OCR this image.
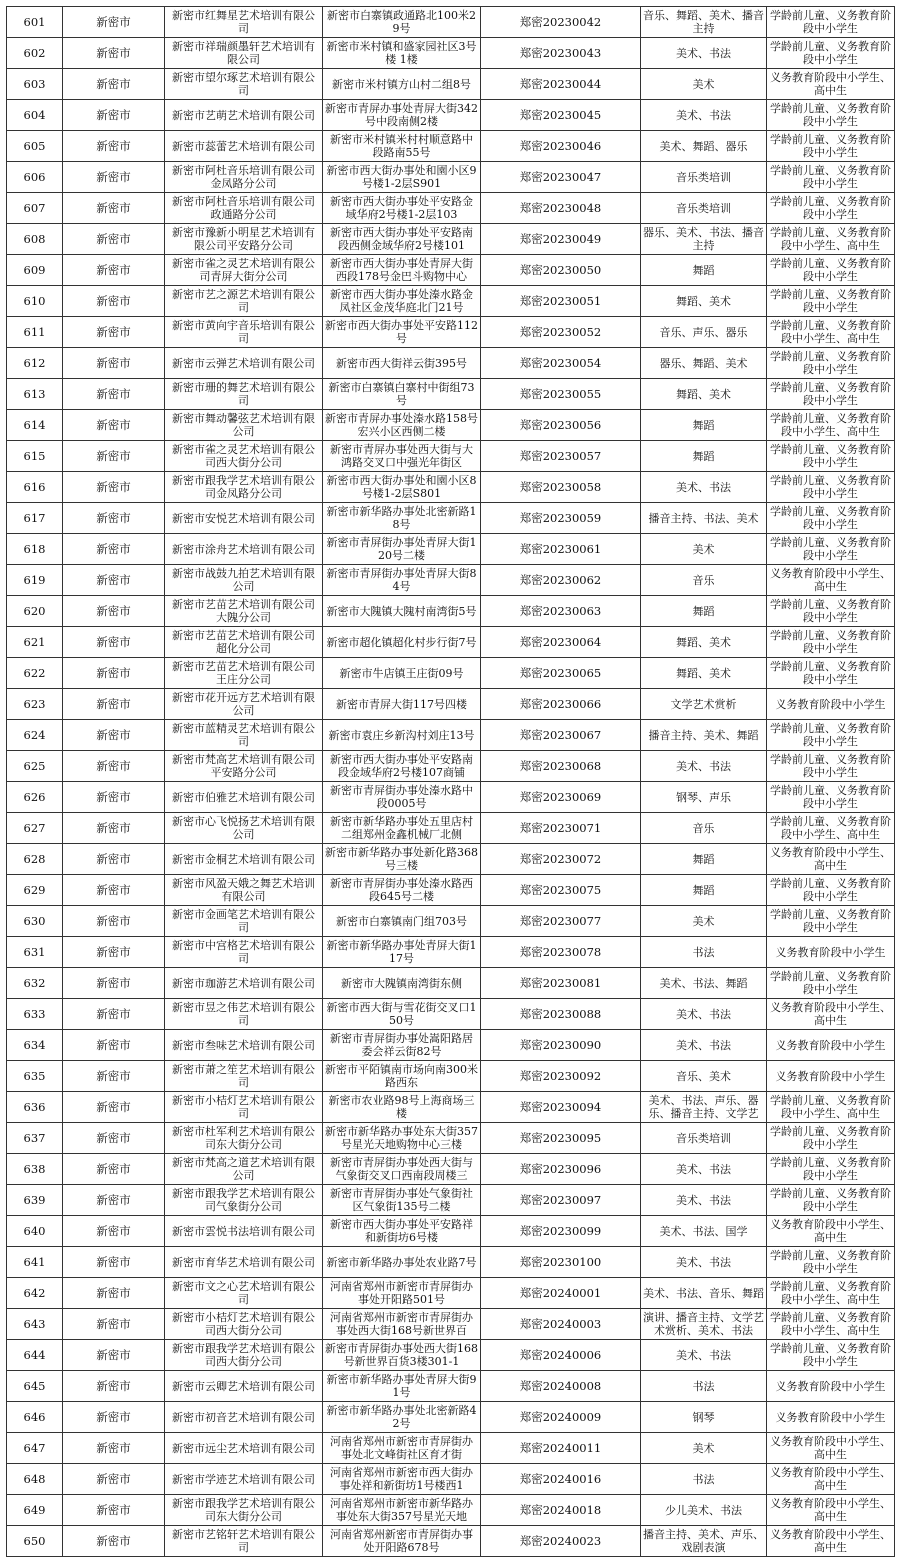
601	新密市	新密市红舞星艺术培训有限公司	新密市白寨镇政通路北100米29号	郑密20230042	音乐、舞蹈、美术、播音主持	学龄前儿童、义务教育阶段中小学生
602	新密市	新密市祥瑞颜墨轩艺术培训有限公司	新密市米村镇和盛家园社区3号楼 1楼	郑密20230043	美术、书法	学龄前儿童、义务教育阶段中小学生
603	新密市	新密市望尔琢艺术培训有限公司	新密市米村镇方山村二组8号	郑密20230044	美术	义务教育阶段中小学生、高中生
604	新密市	新密市艺萌艺术培训有限公司	新密市青屏办事处青屏大街342号中段南侧2楼	郑密20230045	美术、书法	学龄前儿童、义务教育阶段中小学生
605	新密市	新密市蕊蕾艺术培训有限公司	新密市米村镇米村村顺意路中段路南55号	郑密20230046	美术、舞蹈、器乐	学龄前儿童、义务教育阶段中小学生
606	新密市	新密市阿杜音乐培训有限公司金凤路分公司	新密市西大街办事处和園小区9号楼1-2层S901	郑密20230047	音乐类培训	学龄前儿童、义务教育阶段中小学生
607	新密市	新密市阿杜音乐培训有限公司政通路分公司	新密市西大街办事处平安路金域华府2号楼1-2层103	郑密20230048	音乐类培训	学龄前儿童、义务教育阶段中小学生
608	新密市	新密市豫新小明星艺术培训有限公司平安路分公司	新密市西大街办事处平安路南段西侧金域华府2号楼101	郑密20230049	器乐、美术、书法、播音主持	学龄前儿童、义务教育阶段中小学生、高中生
609	新密市	新密市雀之灵艺术培训有限公司青屏大街分公司	新密市西大街办事处青屏大街西段178号金巴斗购物中心	郑密20230050	舞蹈	学龄前儿童、义务教育阶段中小学生
610	新密市	新密市艺之源艺术培训有限公司	新密市西大街办事处溱水路金凤社区金茂华庭北门21号	郑密20230051	舞蹈、美术	学龄前儿童、义务教育阶段中小学生
611	新密市	新密市黄向宇音乐培训有限公司	新密市西大街办事处平安路112号	郑密20230052	音乐、声乐、器乐	学龄前儿童、义务教育阶段中小学生、高中生
612	新密市	新密市云弹艺术培训有限公司	新密市西大街祥云街395号	郑密20230054	器乐、舞蹈、美术	学龄前儿童、义务教育阶段中小学生
613	新密市	新密市珊的舞艺术培训有限公司	新密市白寨镇白寨村中街组73号	郑密20230055	舞蹈、美术	学龄前儿童、义务教育阶段中小学生
614	新密市	新密市舞动馨弦艺术培训有限公司	新密市青屏办事处溱水路158号宏兴小区西侧二楼	郑密20230056	舞蹈	学龄前儿童、义务教育阶段中小学生、高中生
615	新密市	新密市雀之灵艺术培训有限公司西大街分公司	新密市青屏办事处西大街与大鸿路交叉口中强光年街区	郑密20230057	舞蹈	学龄前儿童、义务教育阶段中小学生
616	新密市	新密市跟我学艺术培训有限公司金凤路分公司	新密市西大街办事处和園小区8号楼1-2层S801	郑密20230058	美术、书法	学龄前儿童、义务教育阶段中小学生
617	新密市	新密市安悦艺术培训有限公司	新密市新华路办事处北密新路18号	郑密20230059	播音主持、书法、美术	学龄前儿童、义务教育阶段中小学生
618	新密市	新密市涂舟艺术培训有限公司	新密市青屏街办事处青屏大街120号二楼	郑密20230061	美术	学龄前儿童、义务教育阶段中小学生
619	新密市	新密市战鼓九拍艺术培训有限公司	新密市青屏街办事处青屏大街84号	郑密20230062	音乐	义务教育阶段中小学生、高中生
620	新密市	新密市艺苗艺术培训有限公司大隗分公司	新密市大隗镇大隗村南湾街5号	郑密20230063	舞蹈	学龄前儿童、义务教育阶段中小学生
621	新密市	新密市艺苗艺术培训有限公司超化分公司	新密市超化镇超化村步行街7号	郑密20230064	舞蹈、美术	学龄前儿童、义务教育阶段中小学生
622	新密市	新密市艺苗艺术培训有限公司王庄分公司	新密市牛店镇王庄街09号	郑密20230065	舞蹈、美术	学龄前儿童、义务教育阶段中小学生
623	新密市	新密市花开远方艺术培训有限公司	新密市青屏大街117号四楼	郑密20230066	文学艺术赏析	义务教育阶段中小学生
624	新密市	新密市蓝精灵艺术培训有限公司	新密市袁庄乡新沟村刘庄13号	郑密20230067	播音主持、美术、舞蹈	学龄前儿童、义务教育阶段中小学生
625	新密市	新密市梵高艺术培训有限公司平安路分公司	新密市西大街办事处平安路南段金域华府2号楼107商铺	郑密20230068	美术、书法	学龄前儿童、义务教育阶段中小学生
626	新密市	新密市伯雅艺术培训有限公司	新密市青屏街办事处溱水路中段0005号	郑密20230069	钢琴、声乐	学龄前儿童、义务教育阶段中小学生
627	新密市	新密市心飞悦扬艺术培训有限公司	新密市新华路办事处五里店村二组郑州金鑫机械厂北侧	郑密20230071	音乐	学龄前儿童、义务教育阶段中小学生、高中生
628	新密市	新密市金桐艺术培训有限公司	新密市新华路办事处新化路368号三楼	郑密20230072	舞蹈	义务教育阶段中小学生、高中生
629	新密市	新密市风盈天娥之舞艺术培训有限公司	新密市青屏街办事处溱水路西段645号二楼	郑密20230075	舞蹈	学龄前儿童、义务教育阶段中小学生
630	新密市	新密市金画笔艺术培训有限公司	新密市白寨镇南门组703号	郑密20230077	美术	学龄前儿童、义务教育阶段中小学生
631	新密市	新密市中宫格艺术培训有限公司	新密市新华路办事处青屏大街117号	郑密20230078	书法	义务教育阶段中小学生
632	新密市	新密市珈游艺术培训有限公司	新密市大隗镇南湾街东侧	郑密20230081	美术、书法、舞蹈	学龄前儿童、义务教育阶段中小学生
633	新密市	新密市昱之伟艺术培训有限公司	新密市西大街与雪花街交叉口150号	郑密20230088	美术、书法	义务教育阶段中小学生、高中生
634	新密市	新密市叁味艺术培训有限公司	新密市青屏街办事处嵩阳路居委会祥云街82号	郑密20230090	美术、书法	义务教育阶段中小学生
635	新密市	新密市萧之笙艺术培训有限公司	新密市平陌镇南市场向南300米路西东	郑密20230092	音乐、美术	义务教育阶段中小学生
636	新密市	新密市小桔灯艺术培训有限公司	新密市农业路98号上海商场三楼	郑密20230094	美术、书法、声乐、器乐、播音主持、文学艺	学龄前儿童、义务教育阶段中小学生、高中生
637	新密市	新密市杜军利艺术培训有限公司东大街分公司	新密市新华路办事处东大街357号星光天地购物中心三楼	郑密20230095	音乐类培训	学龄前儿童、义务教育阶段中小学生
638	新密市	新密市梵高之道艺术培训有限公司	新密市青屏街办事处西大街与气象街交叉口西南段周楼三	郑密20230096	美术、书法	学龄前儿童、义务教育阶段中小学生
639	新密市	新密市跟我学艺术培训有限公司气象街分公司	新密市青屏街办事处气象街社区气象街135号二楼	郑密20230097	美术、书法	学龄前儿童、义务教育阶段中小学生
640	新密市	新密市雲悦书法培训有限公司	新密市西大街办事处平安路祥和新街坊6号楼	郑密20230099	美术、书法、国学	义务教育阶段中小学生、高中生
641	新密市	新密市育华艺术培训有限公司	新密市新华路办事处农业路7号	郑密20230100	美术、书法	学龄前儿童、义务教育阶段中小学生
642	新密市	新密市文之心艺术培训有限公司	河南省郑州市新密市青屏街办事处开阳路501号	郑密20240001	美术、书法、音乐、舞蹈	学龄前儿童、义务教育阶段中小学生、高中生
643	新密市	新密市小桔灯艺术培训有限公司西大街分公司	河南省郑州市新密市青屏街办事处西大街168号新世界百	郑密20240003	演讲、播音主持、文学艺术赏析、美术、书法	学龄前儿童、义务教育阶段中小学生、高中生
644	新密市	新密市跟我学艺术培训有限公司西大街分公司	新密市青屏街办事处西大街168号新世界百货3楼301-1	郑密20240006	美术、书法	学龄前儿童、义务教育阶段中小学生
645	新密市	新密市云卿艺术培训有限公司	新密市新华路办事处青屏大街91号	郑密20240008	书法	义务教育阶段中小学生
646	新密市	新密市初音艺术培训有限公司	新密市新华路办事处北密新路42号	郑密20240009	钢琴	义务教育阶段中小学生
647	新密市	新密市远尘艺术培训有限公司	河南省郑州市新密市青屏街办事处北文峰街社区育才街	郑密20240011	美术	义务教育阶段中小学生、高中生
648	新密市	新密市学迹艺术培训有限公司	河南省郑州市新密市西大街办事处祥和新街坊1号楼西1	郑密20240016	书法	义务教育阶段中小学生、高中生
649	新密市	新密市跟我学艺术培训有限公司东大街分公司	河南省郑州市新密市新华路办事处东大街357号星光天地	郑密20240018	少儿美术、书法	义务教育阶段中小学生、高中生
650	新密市	新密市艺铭轩艺术培训有限公司	河南省郑州新密市青屏街办事处开阳路678号	郑密20240023	播音主持、美术、声乐、戏剧表演	义务教育阶段中小学生、高中生
